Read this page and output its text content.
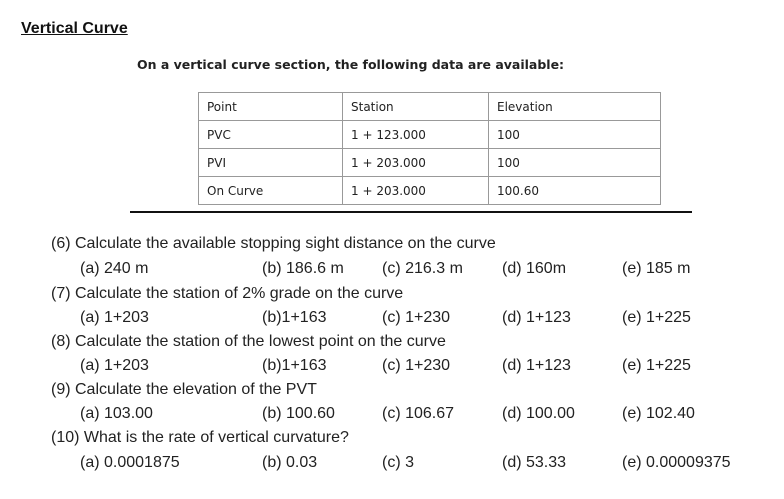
Vertical Curve
On a vertical curve section, the following data are available:
Point	Station	Elevation
PVC	1 + 123.000	100
PVI	1 + 203.000	100
On Curve	1 + 203.000	100.60
(6) Calculate the available stopping sight distance on the curve
(a) 240 m	(b) 186.6 m (c) 216.3 m (d) 160m	(e) 185 m
(7) Calculate the station of 2% grade on the curve
(a) 1+203	(b)1+163	(c) 1+230	(d) 1+123	(e) 1+225
(8) Calculate the station of the lowest point on the curve
(a) 1+203	(b)1+163	(c) 1+230	(d) 1+123	(e) 1+225
(9) Calculate the elevation of the PVT
(a) 103.00	(b) 100.60	(c) 106.67	(d) 100.00	(e) 102.40
(10) What is the rate of vertical curvature?
(a) 0.0001875	(b) 0.03	(c) 3	(d) 53.33	(e) 0.00009375
